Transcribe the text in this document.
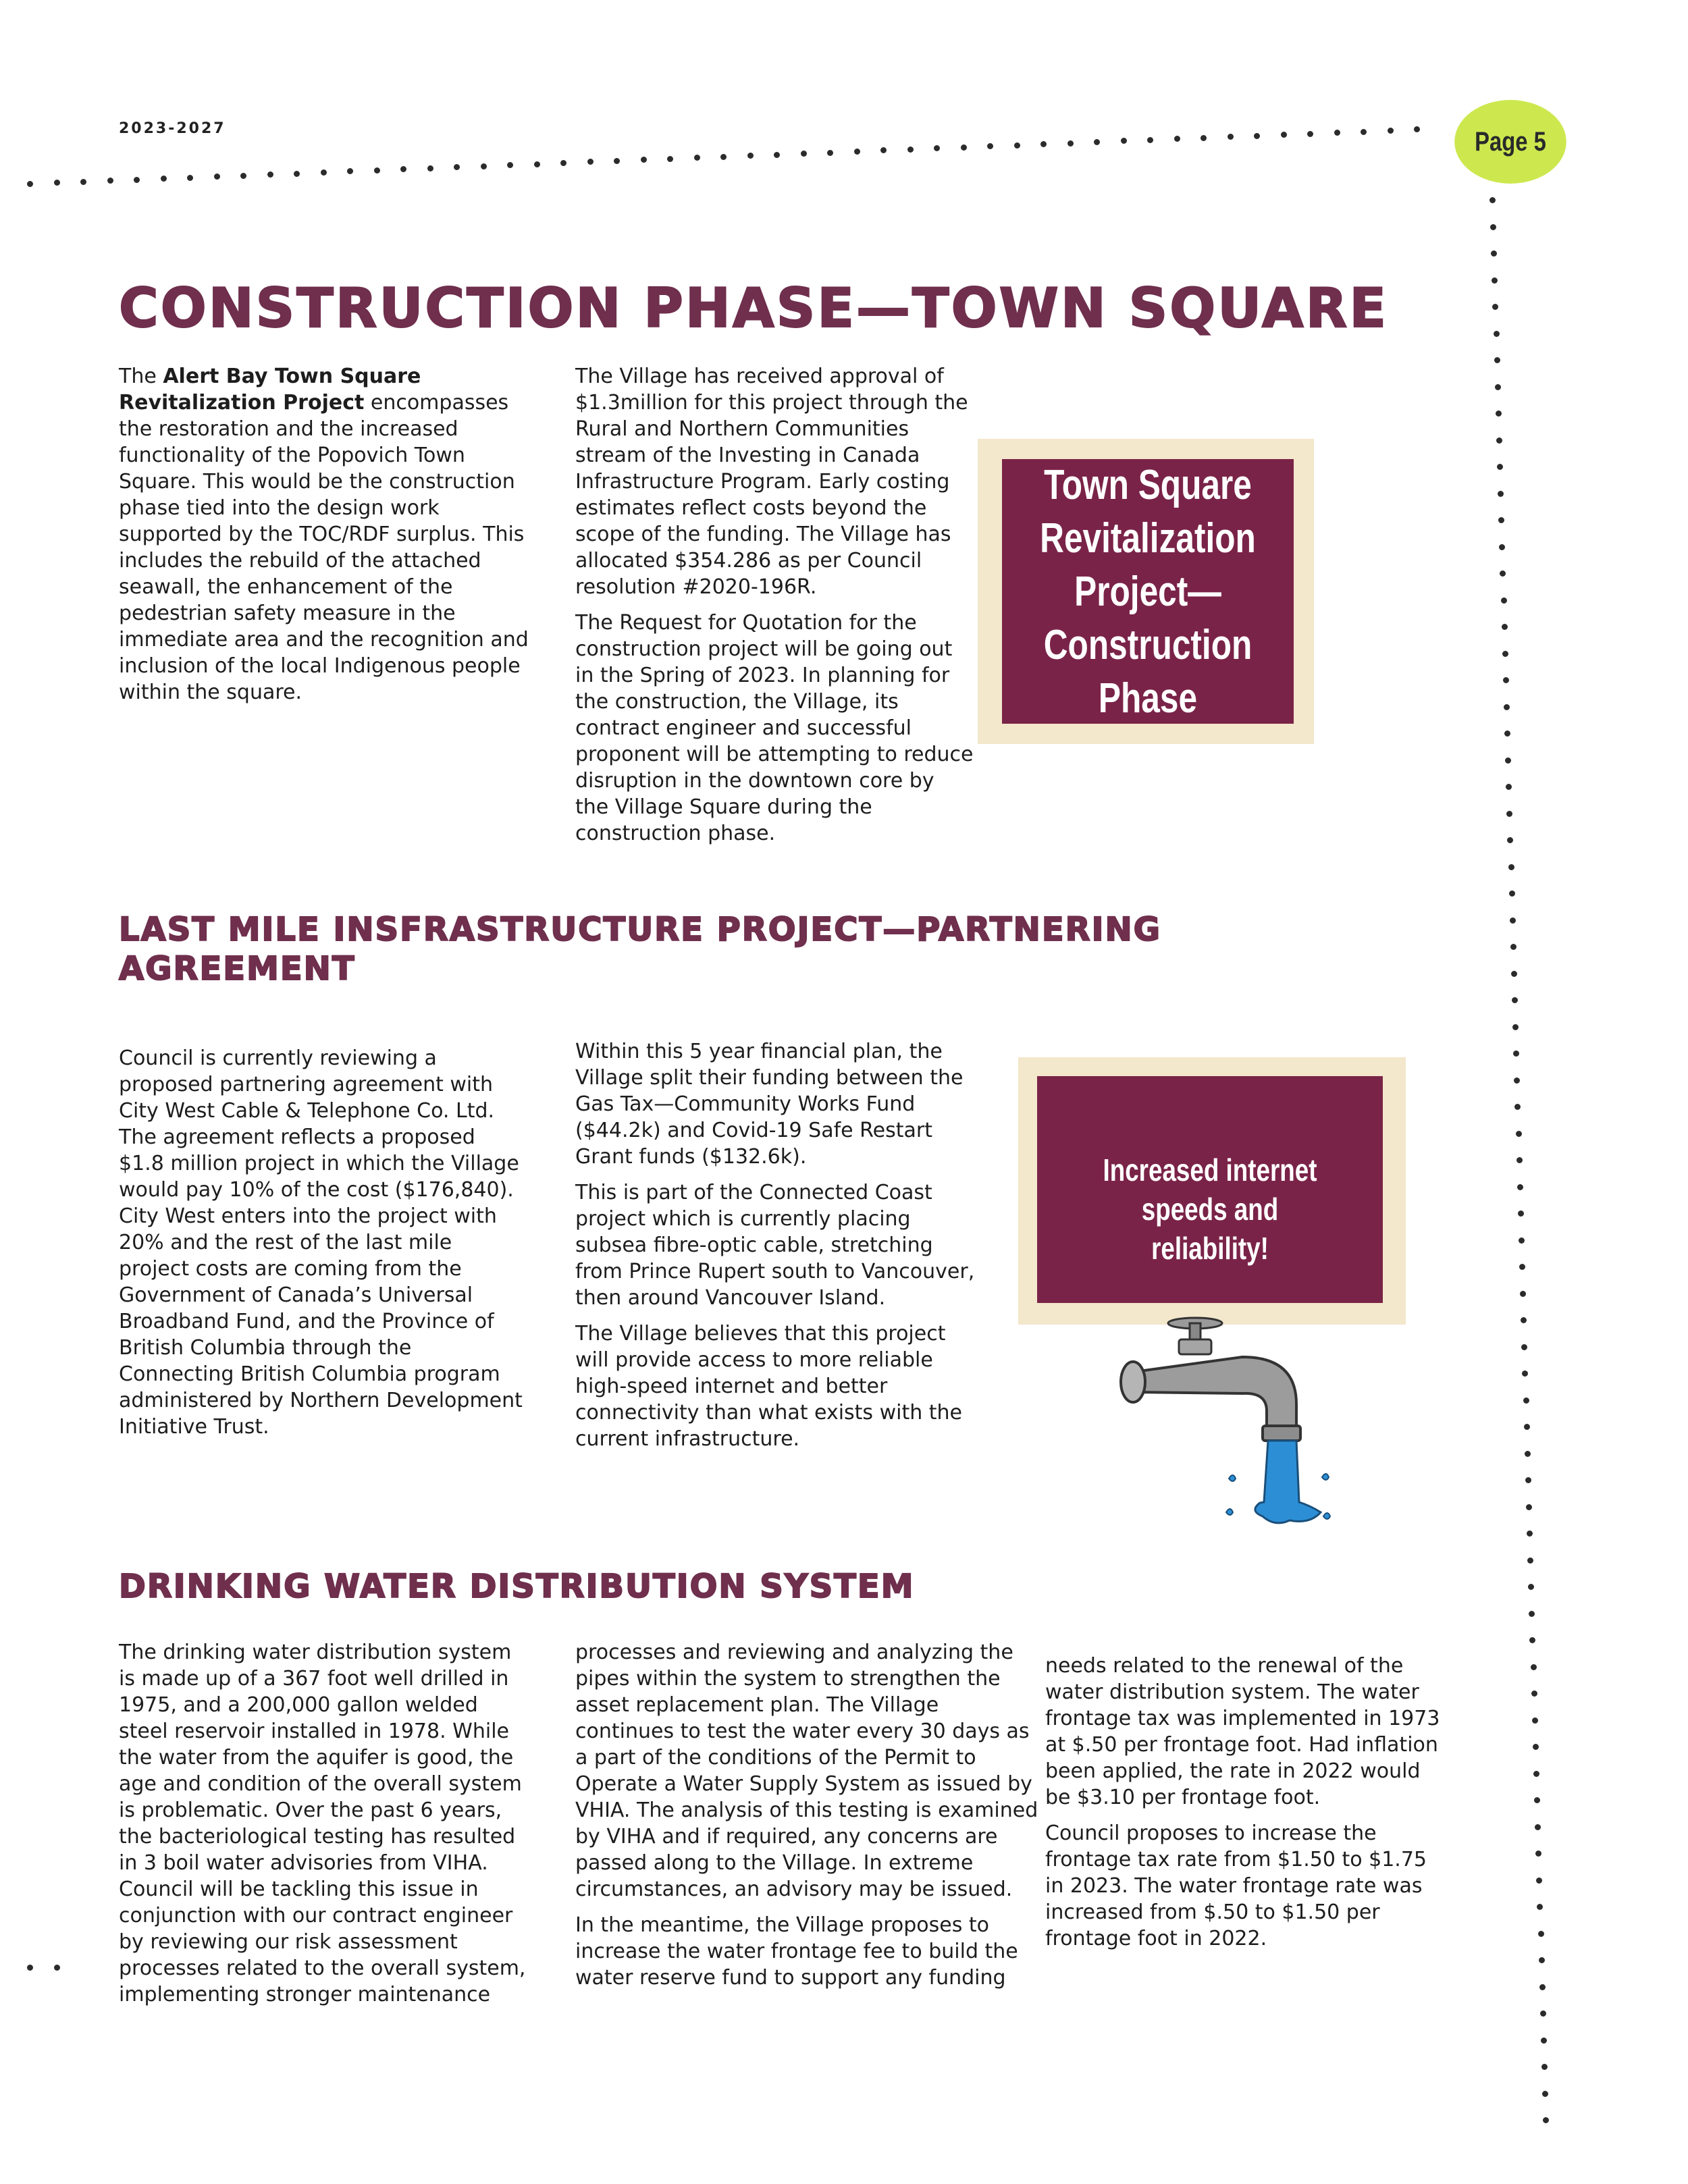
2023-2027	Page 5
CONSTRUCTION PHASE—TOWN SQUARE

The Alert Bay Town Square Revitalization Project encompasses the restoration and the increased functionality of the Popovich Town Square. This would be the construction phase tied into the design work supported by the TOC/RDF surplus. This includes the rebuild of the attached seawall, the enhancement of the pedestrian safety measure in the immediate area and the recognition and inclusion of the local Indigenous people within the square.

The Village has received approval of $1.3million for this project through the Rural and Northern Communities stream of the Investing in Canada Infrastructure Program. Early costing estimates reflect costs beyond the scope of the funding. The Village has allocated $354.286 as per Council resolution #2020-196R.

The Request for Quotation for the construction project will be going out in the Spring of 2023. In planning for the construction, the Village, its contract engineer and successful proponent will be attempting to reduce disruption in the downtown core by the Village Square during the construction phase.

Town Square
Revitalization
Project—
Construction Phase
LAST MILE INSFRASTRUCTURE PROJECT—PARTNERING
AGREEMENT

Council is currently reviewing a proposed partnering agreement with City West Cable & Telephone Co. Ltd. The agreement reflects a proposed $1.8 million project in which the Village would pay 10% of the cost ($176,840). City West enters into the project with 20% and the rest of the last mile project costs are coming from the Government of Canada’s Universal Broadband Fund, and the Province of British Columbia through the Connecting British Columbia program administered by Northern Development Initiative Trust.

Within this 5 year financial plan, the Village split their funding between the Gas Tax—Community Works Fund ($44.2k) and Covid-19 Safe Restart Grant funds ($132.6k).

This is part of the Connected Coast project which is currently placing subsea fibre-optic cable, stretching from Prince Rupert south to Vancouver, then around Vancouver Island.

The Village believes that this project will provide access to more reliable high-speed internet and better connectivity than what exists with the current infrastructure.

Increased internet speeds and
reliability!
DRINKING WATER DISTRIBUTION SYSTEM

The drinking water distribution system is made up of a 367 foot well drilled in 1975, and a 200,000 gallon welded steel reservoir installed in 1978. While the water from the aquifer is good, the age and condition of the overall system is problematic. Over the past 6 years, the bacteriological testing has resulted in 3 boil water advisories from VIHA. Council will be tackling this issue in conjunction with our contract engineer by reviewing our risk assessment processes related to the overall system, implementing stronger maintenance

processes and reviewing and analyzing the pipes within the system to strengthen the asset replacement plan. The Village continues to test the water every 30 days as a part of the conditions of the Permit to Operate a Water Supply System as issued by VHIA. The analysis of this testing is examined by VIHA and if required, any concerns are passed along to the Village. In extreme circumstances, an advisory may be issued.

In the meantime, the Village proposes to increase the water frontage fee to build the water reserve fund to support any funding

needs related to the renewal of the water distribution system. The water frontage tax was implemented in 1973 at $.50 per frontage foot. Had inflation been applied, the rate in 2022 would be $3.10 per frontage foot.

Council proposes to increase the frontage tax rate from $1.50 to $1.75 in 2023. The water frontage rate was increased from $.50 to $1.50 per frontage foot in 2022.
